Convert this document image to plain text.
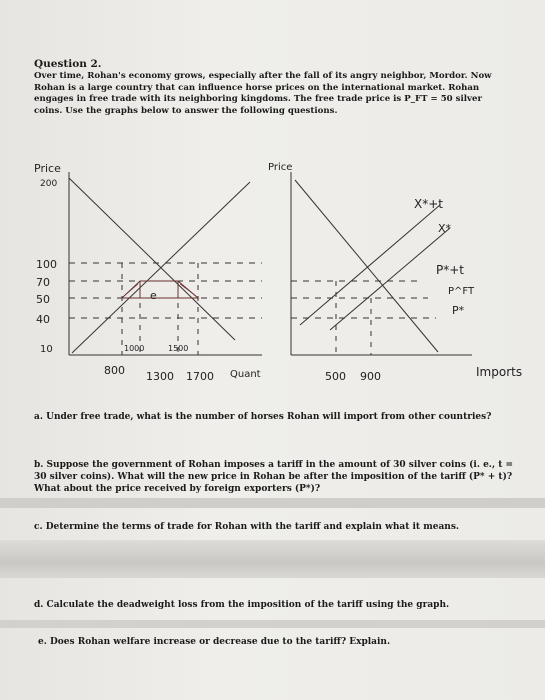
Question 2.
Over time, Rohan's economy grows, especially after the fall of its angry neighbor, Mordor. Now Rohan is a large country that can influence horse prices on the international market. Rohan engages in free trade with its neighboring kingdoms. The free trade price is P_FT = 50 silver coins. Use the graphs below to answer the following questions.
Price
200
100
70
50
40
10
e
1000	1500
800 1300 1700 Quant
Price
X*+t
X*
P*+t
P^FT
P*
500 900	Imports
a. Under free trade, what is the number of horses Rohan will import from other countries?
b. Suppose the government of Rohan imposes a tariff in the amount of 30 silver coins (i. e., t = 30 silver coins). What will the new price in Rohan be after the imposition of the tariff (P* + t)? What about the price received by foreign exporters (P*)?
c. Determine the terms of trade for Rohan with the tariff and explain what it means.
d. Calculate the deadweight loss from the imposition of the tariff using the graph.
e. Does Rohan welfare increase or decrease due to the tariff? Explain.
